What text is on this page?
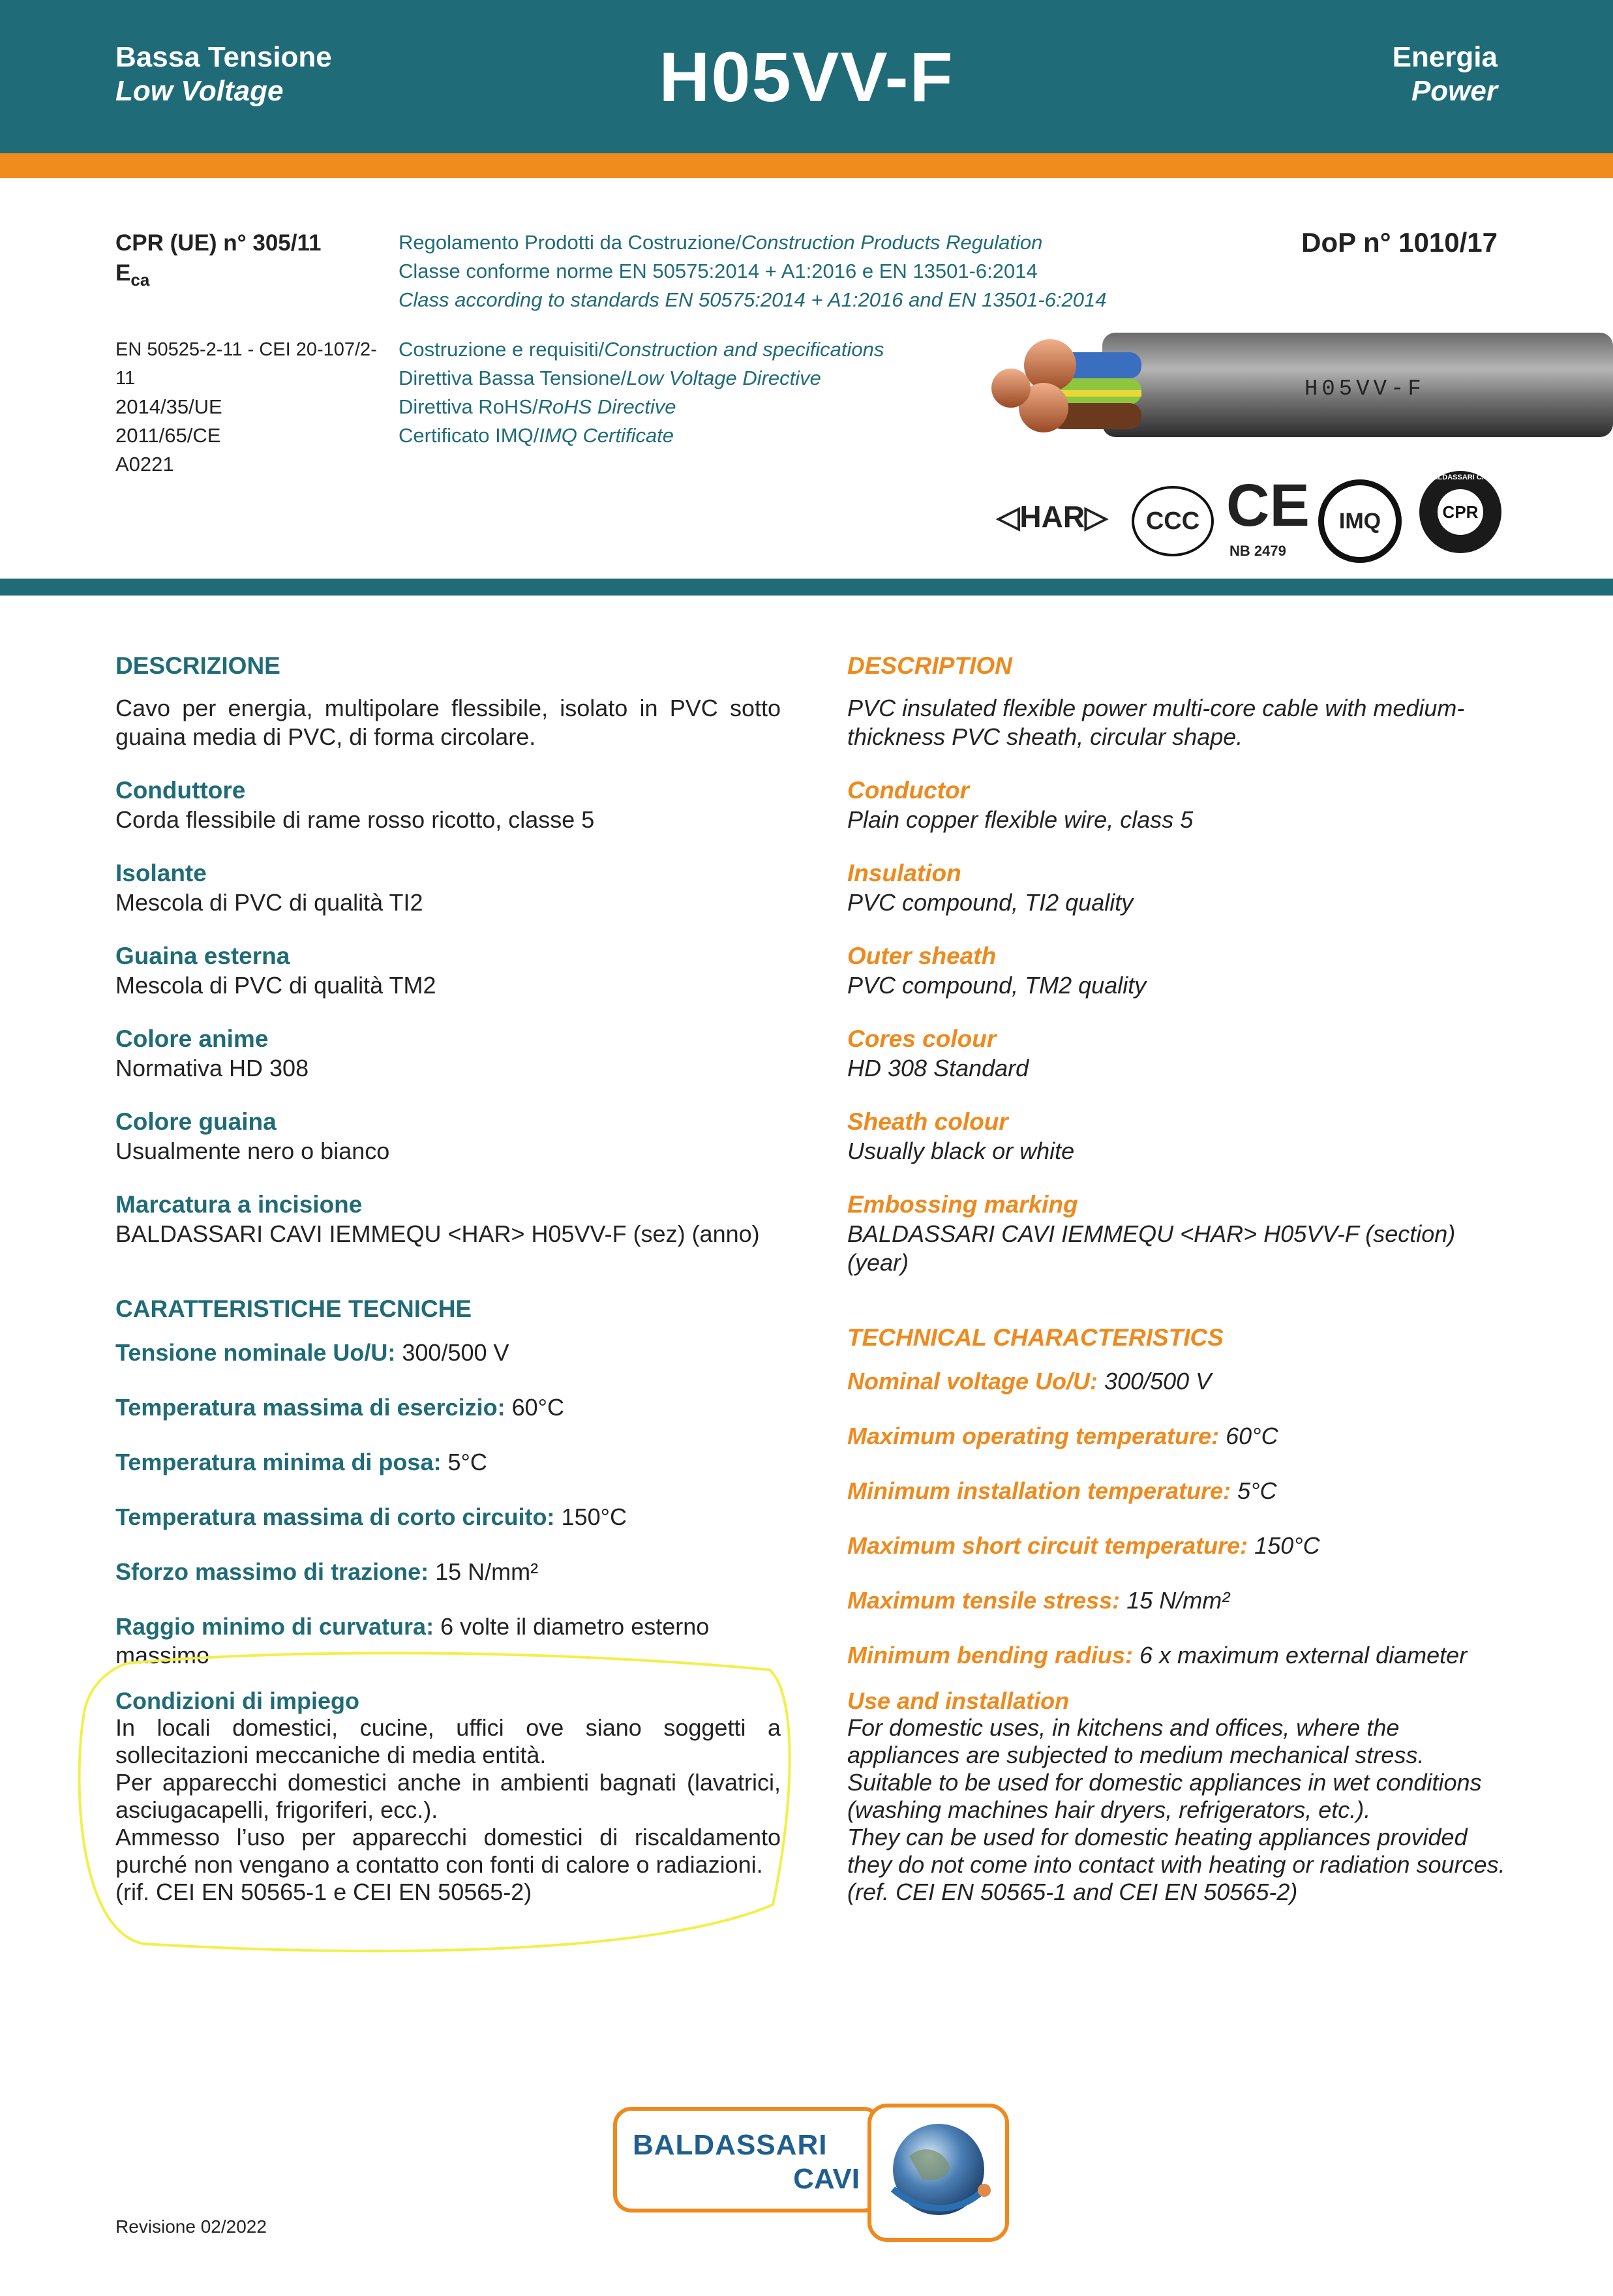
Bassa Tensione
Low Voltage	H05VV-F	Energia
Power
CPR (UE) n° 305/11
$E_{ca}$
Regolamento Prodotti da Costruzione/Construction Products Regulation
Classe conforme norme EN 50575:2014 + A1:2016 e EN 13501-6:2014
Class according to standards EN 50575:2014 + A1:2016 and EN 13501-6:2014
DoP n° 1010/17
EN 50525-2-11 - CEI 20-107/2-11
2014/35/UE
2011/65/CE
A0221
Costruzione e requisiti/Construction and specifications
Direttiva Bassa Tensione/Low Voltage Directive
Direttiva RoHS/RoHS Directive
Certificato IMQ/IMQ Certificate
H05VV-F
◁HAR▷	CCC CE
NB 2479
IMQ	CPR
BALDASSARI CAVI

DESCRIZIONE

Cavo per energia, multipolare flessibile, isolato in PVC sotto guaina media di PVC, di forma circolare.

Conduttore

Corda flessibile di rame rosso ricotto, classe 5

Isolante

Mescola di PVC di qualità TI2

Guaina esterna

Mescola di PVC di qualità TM2

Colore anime

Normativa HD 308

Colore guaina

Usualmente nero o bianco

Marcatura a incisione

BALDASSARI CAVI IEMMEQU <HAR> H05VV-F (sez) (anno)

CARATTERISTICHE TECNICHE

Tensione nominale Uo/U: 300/500 V

Temperatura massima di esercizio: 60°C

Temperatura minima di posa: 5°C

Temperatura massima di corto circuito: 150°C

Sforzo massimo di trazione: 15 N/mm²

Raggio minimo di curvatura: 6 volte il diametro esterno massimo

Condizioni di impiego

In locali domestici, cucine, uffici ove siano soggetti a sollecitazioni meccaniche di media entità.

Per apparecchi domestici anche in ambienti bagnati (lavatrici, asciugacapelli, frigoriferi, ecc.).

Ammesso l’uso per apparecchi domestici di riscaldamento purché non vengano a contatto con fonti di calore o radiazioni.

(rif. CEI EN 50565-1 e CEI EN 50565-2)

DESCRIPTION

PVC insulated flexible power multi-core cable with medium-thickness PVC sheath, circular shape.

Conductor

Plain copper flexible wire, class 5

Insulation

PVC compound, TI2 quality

Outer sheath

PVC compound, TM2 quality

Cores colour

HD 308 Standard

Sheath colour

Usually black or white

Embossing marking

BALDASSARI CAVI IEMMEQU <HAR> H05VV-F (section) (year)

TECHNICAL CHARACTERISTICS

Nominal voltage Uo/U: 300/500 V

Maximum operating temperature: 60°C

Minimum installation temperature: 5°C

Maximum short circuit temperature: 150°C

Maximum tensile stress: 15 N/mm²

Minimum bending radius: 6 x maximum external diameter

Use and installation

For domestic uses, in kitchens and offices, where the appliances are subjected to medium mechanical stress.

Suitable to be used for domestic appliances in wet conditions (washing machines hair dryers, refrigerators, etc.).

They can be used for domestic heating appliances provided they do not come into contact with heating or radiation sources.

(ref. CEI EN 50565-1 and CEI EN 50565-2)

BALDASSARI
CAVI
Revisione 02/2022
